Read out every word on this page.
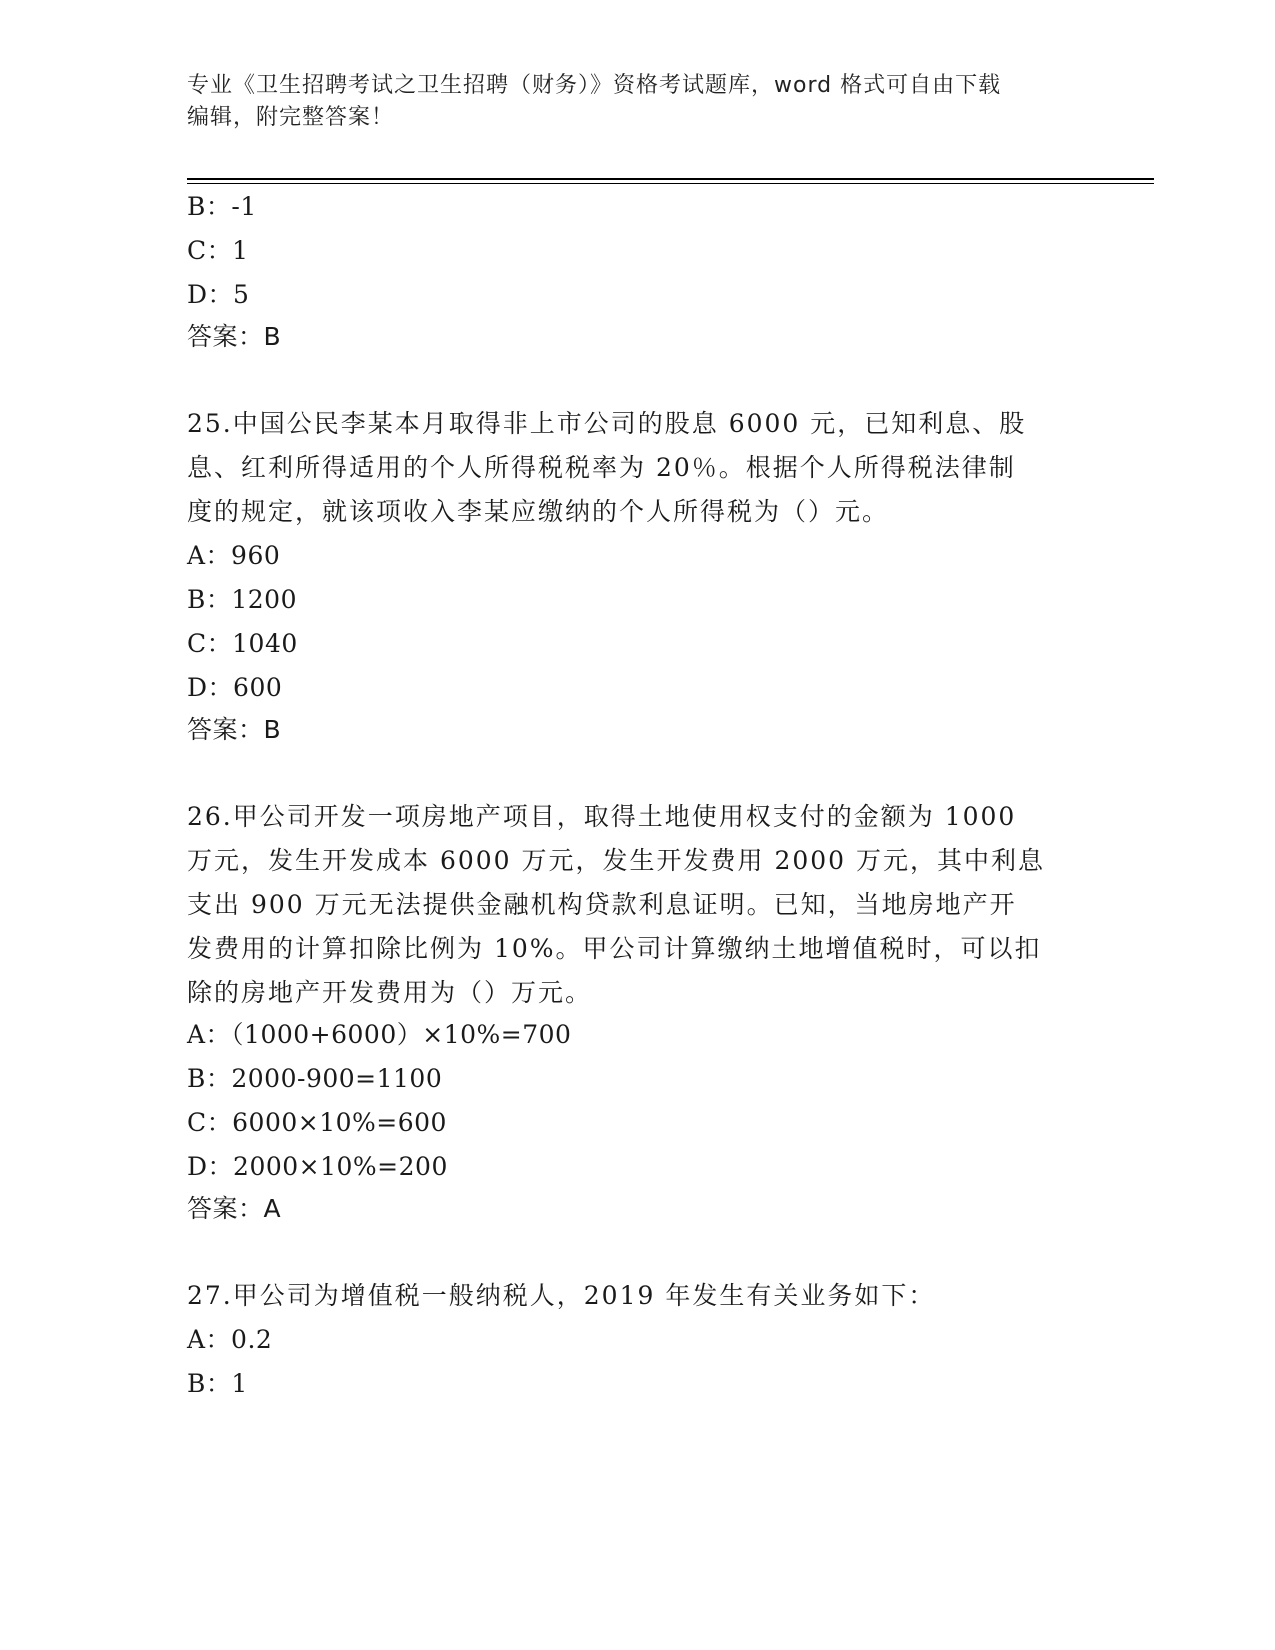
专业《卫生招聘考试之卫生招聘（财务）》资格考试题库，word 格式可自由下载
编辑，附完整答案！
B：-1
C：1
D：5
答案：B
25.中国公民李某本月取得非上市公司的股息 6000 元，已知利息、股
息、红利所得适用的个人所得税税率为 20％。根据个人所得税法律制
度的规定，就该项收入李某应缴纳的个人所得税为（）元。
A：960
B：1200
C：1040
D：600
答案：B
26.甲公司开发一项房地产项目，取得土地使用权支付的金额为 1000
万元，发生开发成本 6000 万元，发生开发费用 2000 万元，其中利息
支出 900 万元无法提供金融机构贷款利息证明。已知，当地房地产开
发费用的计算扣除比例为 10%。甲公司计算缴纳土地增值税时，可以扣
除的房地产开发费用为（）万元。
A：（1000+6000）×10%=700
B：2000-900=1100
C：6000×10%=600
D：2000×10%=200
答案：A
27.甲公司为增值税一般纳税人，2019 年发生有关业务如下：
A：0.2
B：1
